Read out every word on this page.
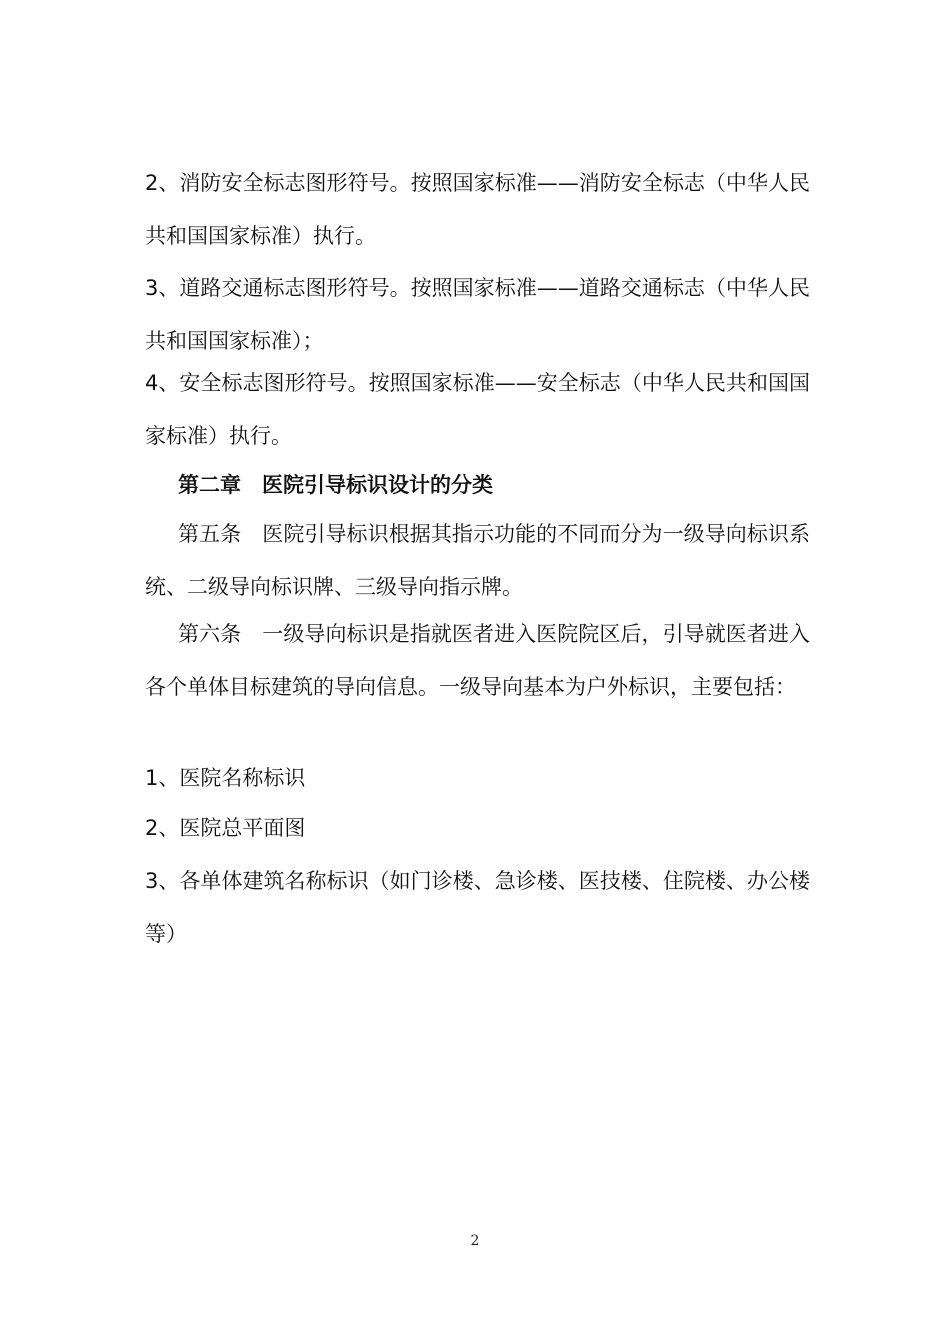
2、消防安全标志图形符号。按照国家标准——消防安全标志（中华人民共和国国家标准）执行。

3、道路交通标志图形符号。按照国家标准——道路交通标志（中华人民共和国国家标准）；

4、安全标志图形符号。按照国家标准——安全标志（中华人民共和国国家标准）执行。

第二章　医院引导标识设计的分类

第五条　医院引导标识根据其指示功能的不同而分为一级导向标识系统、二级导向标识牌、三级导向指示牌。

第六条　一级导向标识是指就医者进入医院院区后，引导就医者进入各个单体目标建筑的导向信息。一级导向基本为户外标识，主要包括：

1、医院名称标识

2、医院总平面图

3、各单体建筑名称标识（如门诊楼、急诊楼、医技楼、住院楼、办公楼等）

2
